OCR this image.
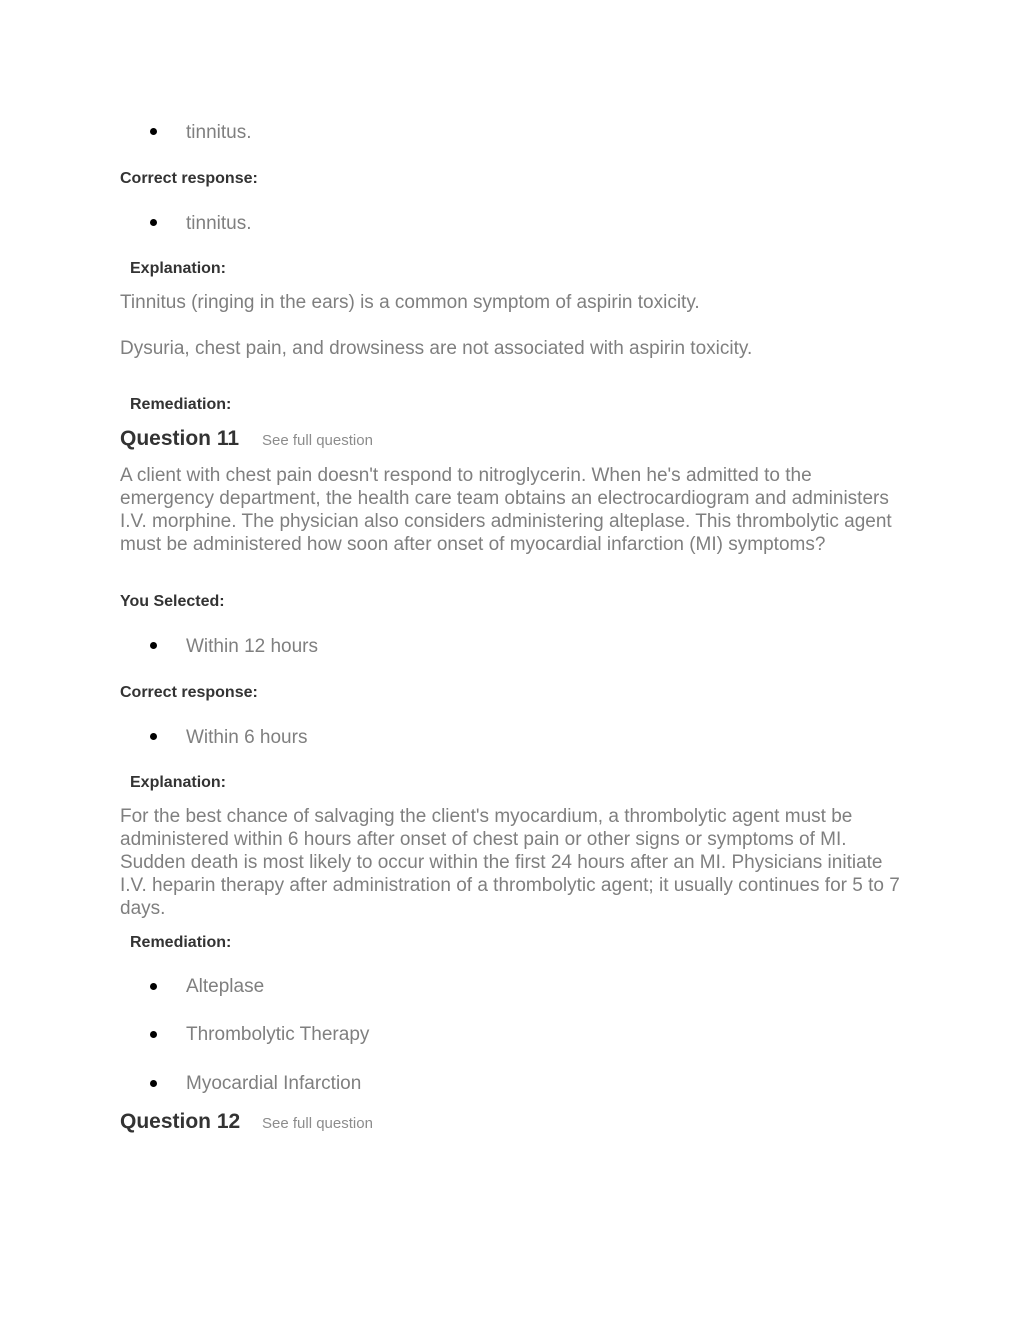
tinnitus.
Correct response:
tinnitus.
Explanation:
Tinnitus (ringing in the ears) is a common symptom of aspirin toxicity.
Dysuria, chest pain, and drowsiness are not associated with aspirin toxicity.
Remediation:
Question 11 See full question
A client with chest pain doesn't respond to nitroglycerin. When he's admitted to the emergency department, the health care team obtains an electrocardiogram and administers I.V. morphine. The physician also considers administering alteplase. This thrombolytic agent must be administered how soon after onset of myocardial infarction (MI) symptoms?
You Selected:
Within 12 hours
Correct response:
Within 6 hours
Explanation:
For the best chance of salvaging the client's myocardium, a thrombolytic agent must be administered within 6 hours after onset of chest pain or other signs or symptoms of MI. Sudden death is most likely to occur within the first 24 hours after an MI. Physicians initiate I.V. heparin therapy after administration of a thrombolytic agent; it usually continues for 5 to 7 days.
Remediation:
Alteplase
Thrombolytic Therapy
Myocardial Infarction
Question 12 See full question
